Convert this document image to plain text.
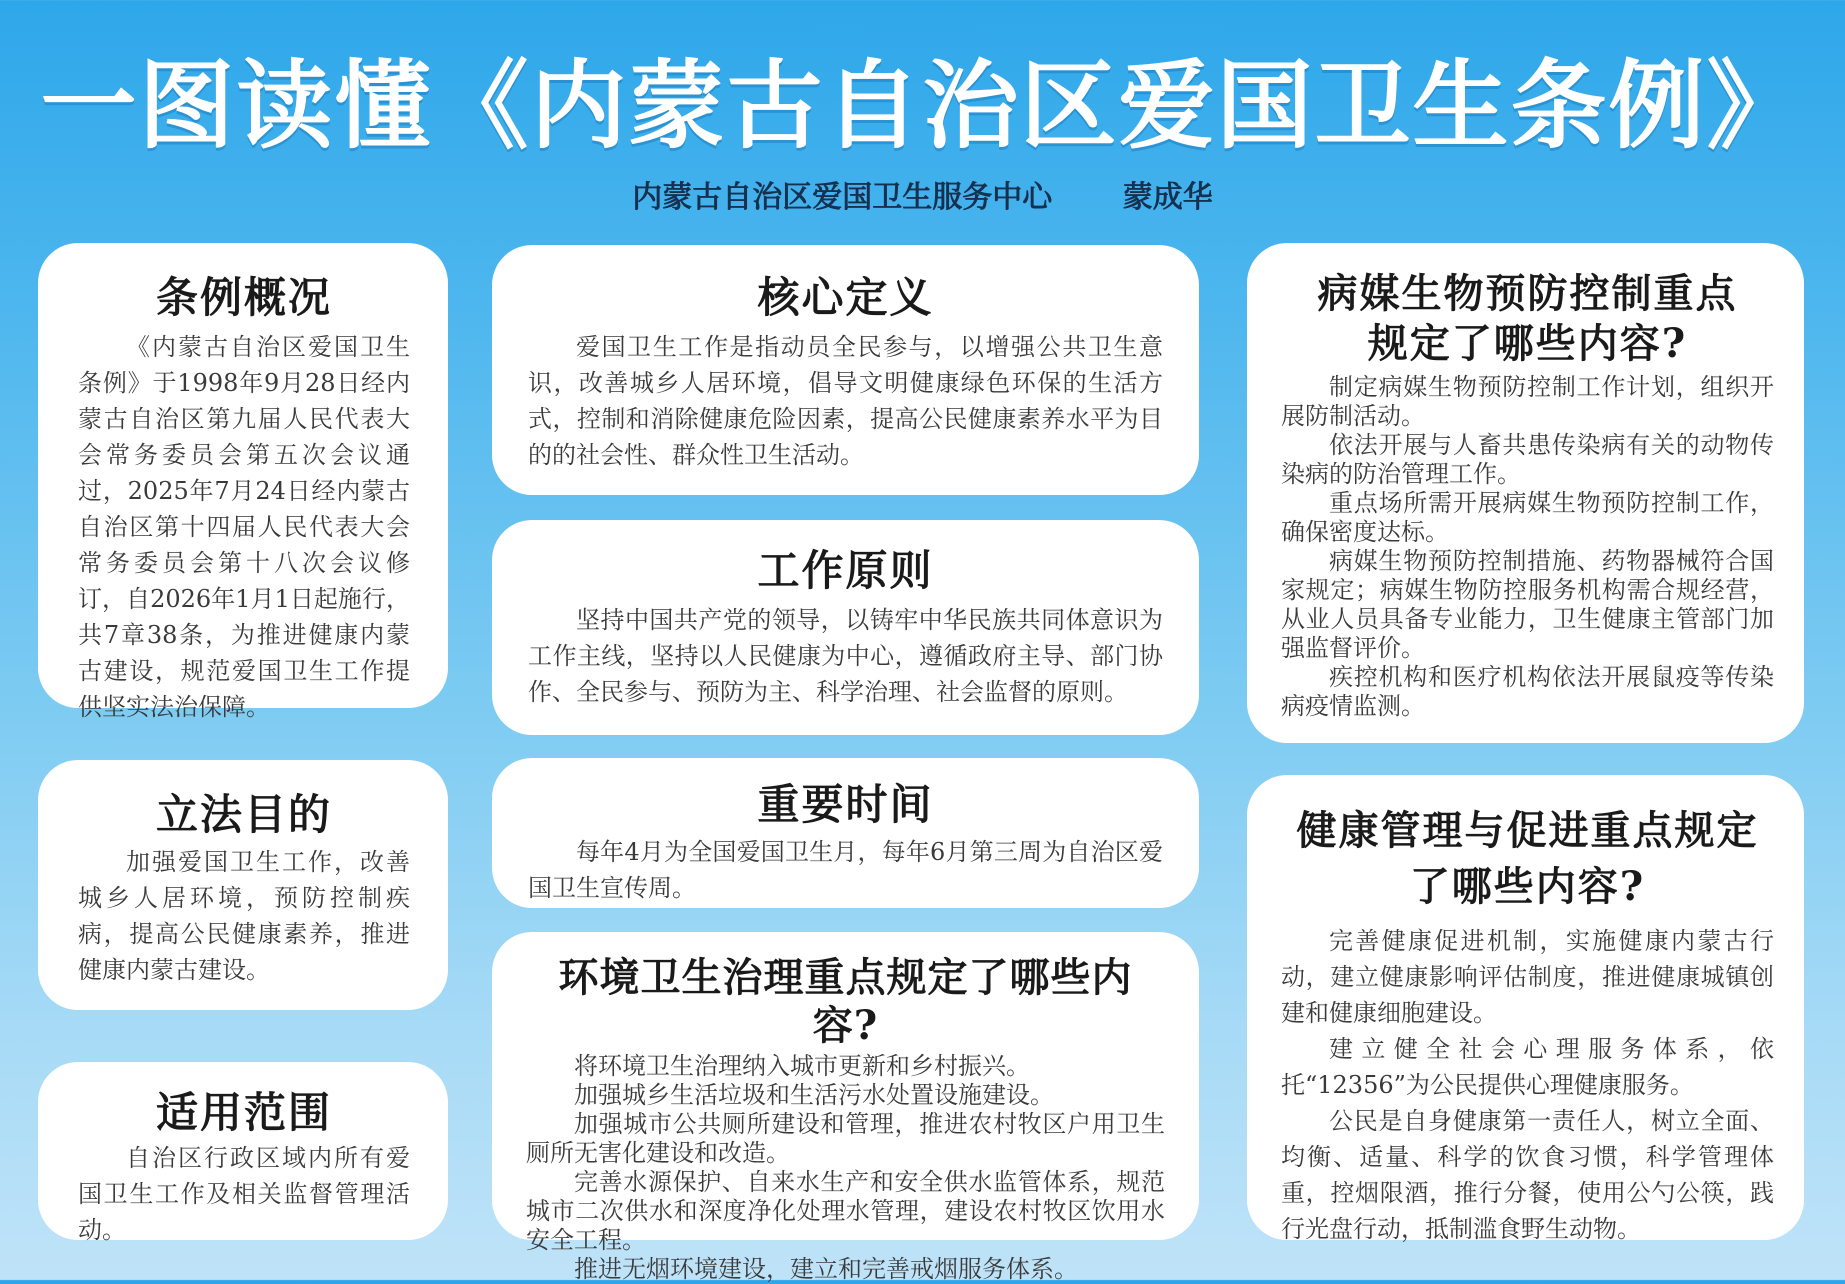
一图读懂《内蒙古自治区爱国卫生条例》
内蒙古自治区爱国卫生服务中心 蒙成华
条例概况

《内蒙古自治区爱国卫生条例》于1998年9月28日经内蒙古自治区第九届人民代表大会常务委员会第五次会议通过，2025年7月24日经内蒙古自治区第十四届人民代表大会常务委员会第十八次会议修订，自2026年1月1日起施行，共7章38条，为推进健康内蒙古建设，规范爱国卫生工作提供坚实法治保障。

立法目的

加强爱国卫生工作，改善城乡人居环境，预防控制疾病，提高公民健康素养，推进健康内蒙古建设。

适用范围

自治区行政区域内所有爱国卫生工作及相关监督管理活动。

核心定义

爱国卫生工作是指动员全民参与，以增强公共卫生意识，改善城乡人居环境，倡导文明健康绿色环保的生活方式，控制和消除健康危险因素，提高公民健康素养水平为目的的社会性、群众性卫生活动。

工作原则

坚持中国共产党的领导，以铸牢中华民族共同体意识为工作主线，坚持以人民健康为中心，遵循政府主导、部门协作、全民参与、预防为主、科学治理、社会监督的原则。

重要时间

每年4月为全国爱国卫生月，每年6月第三周为自治区爱国卫生宣传周。

环境卫生治理重点规定了哪些内容?

将环境卫生治理纳入城市更新和乡村振兴。

加强城乡生活垃圾和生活污水处置设施建设。

加强城市公共厕所建设和管理，推进农村牧区户用卫生厕所无害化建设和改造。

完善水源保护、自来水生产和安全供水监管体系，规范城市二次供水和深度净化处理水管理，建设农村牧区饮用水安全工程。

推进无烟环境建设，建立和完善戒烟服务体系。

病媒生物预防控制重点
规定了哪些内容?

制定病媒生物预防控制工作计划，组织开展防制活动。

依法开展与人畜共患传染病有关的动物传染病的防治管理工作。

重点场所需开展病媒生物预防控制工作，确保密度达标。

病媒生物预防控制措施、药物器械符合国家规定；病媒生物防控服务机构需合规经营，从业人员具备专业能力，卫生健康主管部门加强监督评价。

疾控机构和医疗机构依法开展鼠疫等传染病疫情监测。

健康管理与促进重点规定
了哪些内容?

完善健康促进机制，实施健康内蒙古行动，建立健康影响评估制度，推进健康城镇创建和健康细胞建设。

建立健全社会心理服务体系，依托“12356”为公民提供心理健康服务。

公民是自身健康第一责任人，树立全面、均衡、适量、科学的饮食习惯，科学管理体重，控烟限酒，推行分餐，使用公勺公筷，践行光盘行动，抵制滥食野生动物。
